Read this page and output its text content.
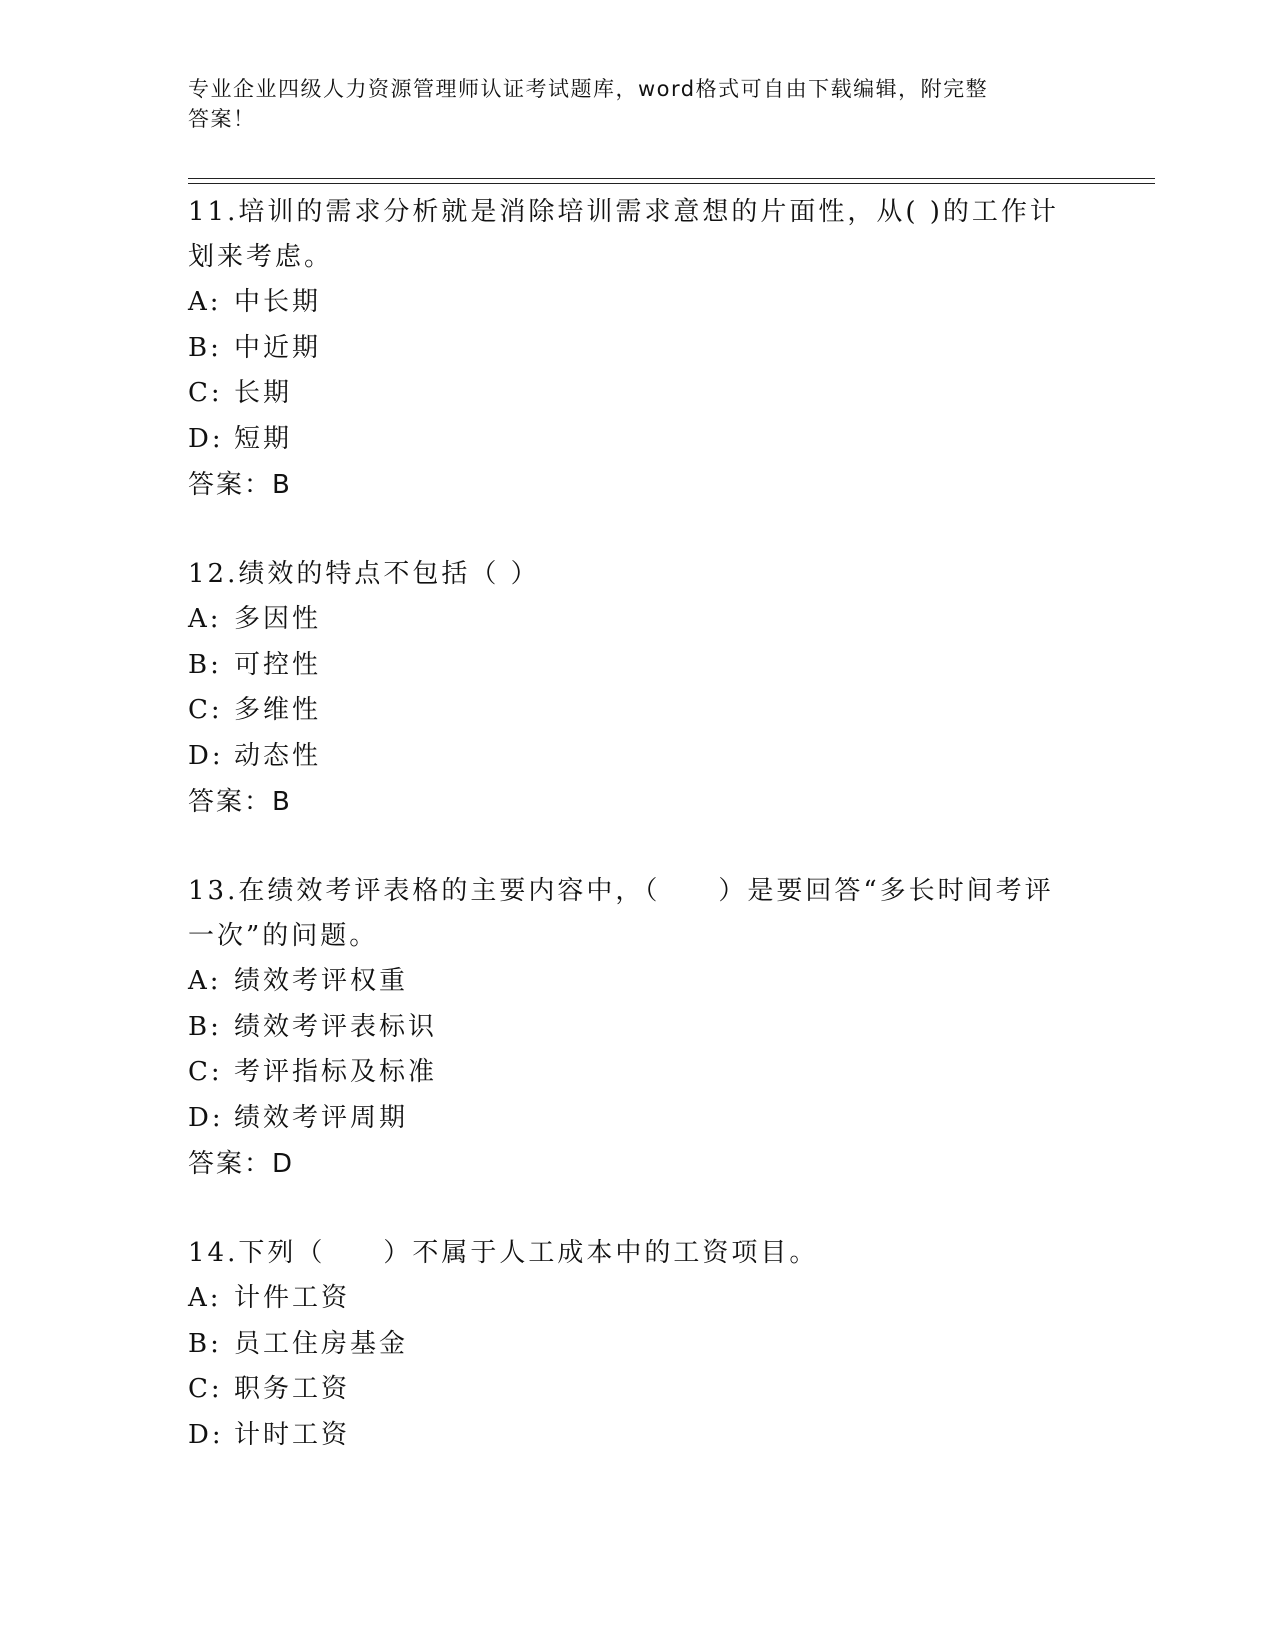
专业企业四级人力资源管理师认证考试题库，word格式可自由下载编辑，附完整
答案！
11.培训的需求分析就是消除培训需求意想的片面性，从( )的工作计
划来考虑。
A: 中长期
B: 中近期
C: 长期
D: 短期
答案：B
12.绩效的特点不包括（ ）
A: 多因性
B: 可控性
C: 多维性
D: 动态性
答案：B
13.在绩效考评表格的主要内容中，（　　）是要回答“多长时间考评
一次”的问题。
A: 绩效考评权重
B: 绩效考评表标识
C: 考评指标及标准
D: 绩效考评周期
答案：D
14.下列（　　）不属于人工成本中的工资项目。
A: 计件工资
B: 员工住房基金
C: 职务工资
D: 计时工资
